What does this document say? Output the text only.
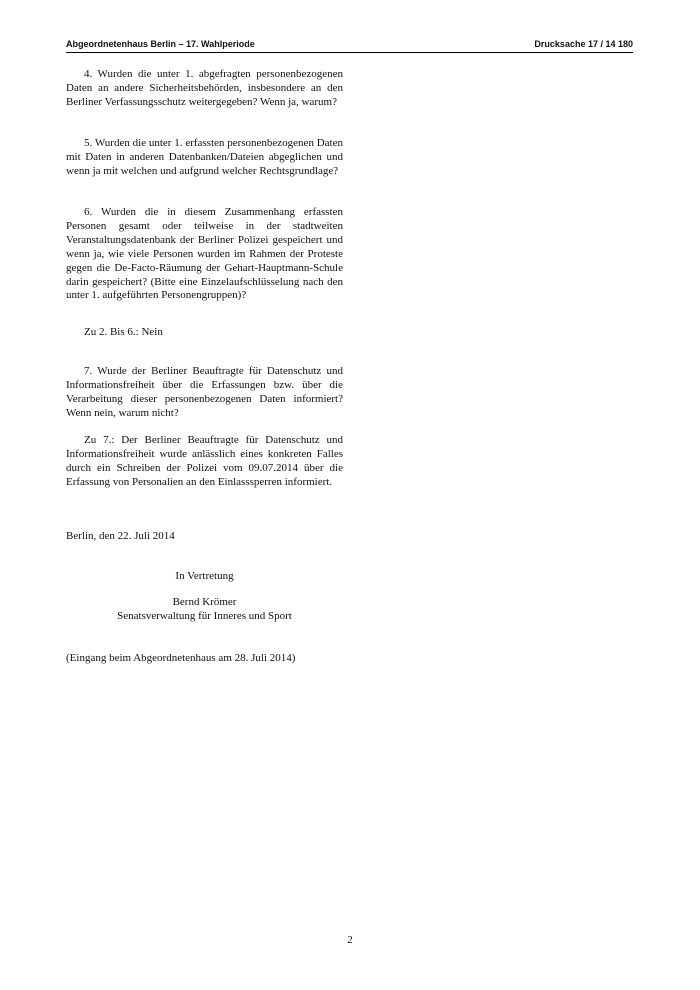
Abgeordnetenhaus Berlin – 17. Wahlperiode	Drucksache 17 / 14 180

4. Wurden die unter 1. abgefragten personenbezogenen Daten an andere Sicherheitsbehörden, insbesondere an den Berliner Verfassungsschutz weitergegeben? Wenn ja, warum?

5. Wurden die unter 1. erfassten personenbezogenen Daten mit Daten in anderen Datenbanken/Dateien abgeglichen und wenn ja mit welchen und aufgrund welcher Rechtsgrundlage?

6. Wurden die in diesem Zusammenhang erfassten Personen gesamt oder teilweise in der stadtweiten Veranstaltungsdatenbank der Berliner Polizei gespeichert und wenn ja, wie viele Personen wurden im Rahmen der Proteste gegen die De-Facto-Räumung der Gehart-Hauptmann-Schule darin gespeichert? (Bitte eine Einzelaufschlüsselung nach den unter 1. aufgeführten Personengruppen)?

Zu 2. Bis 6.: Nein

7. Wurde der Berliner Beauftragte für Datenschutz und Informationsfreiheit über die Erfassungen bzw. über die Verarbeitung dieser personenbezogenen Daten informiert? Wenn nein, warum nicht?

Zu 7.: Der Berliner Beauftragte für Datenschutz und Informationsfreiheit wurde anlässlich eines konkreten Falles durch ein Schreiben der Polizei vom 09.07.2014 über die Erfassung von Personalien an den Einlasssperren informiert.

Berlin, den 22. Juli 2014

In Vertretung
Bernd Krömer
Senatsverwaltung für Inneres und Sport

(Eingang beim Abgeordnetenhaus am 28. Juli 2014)

2
